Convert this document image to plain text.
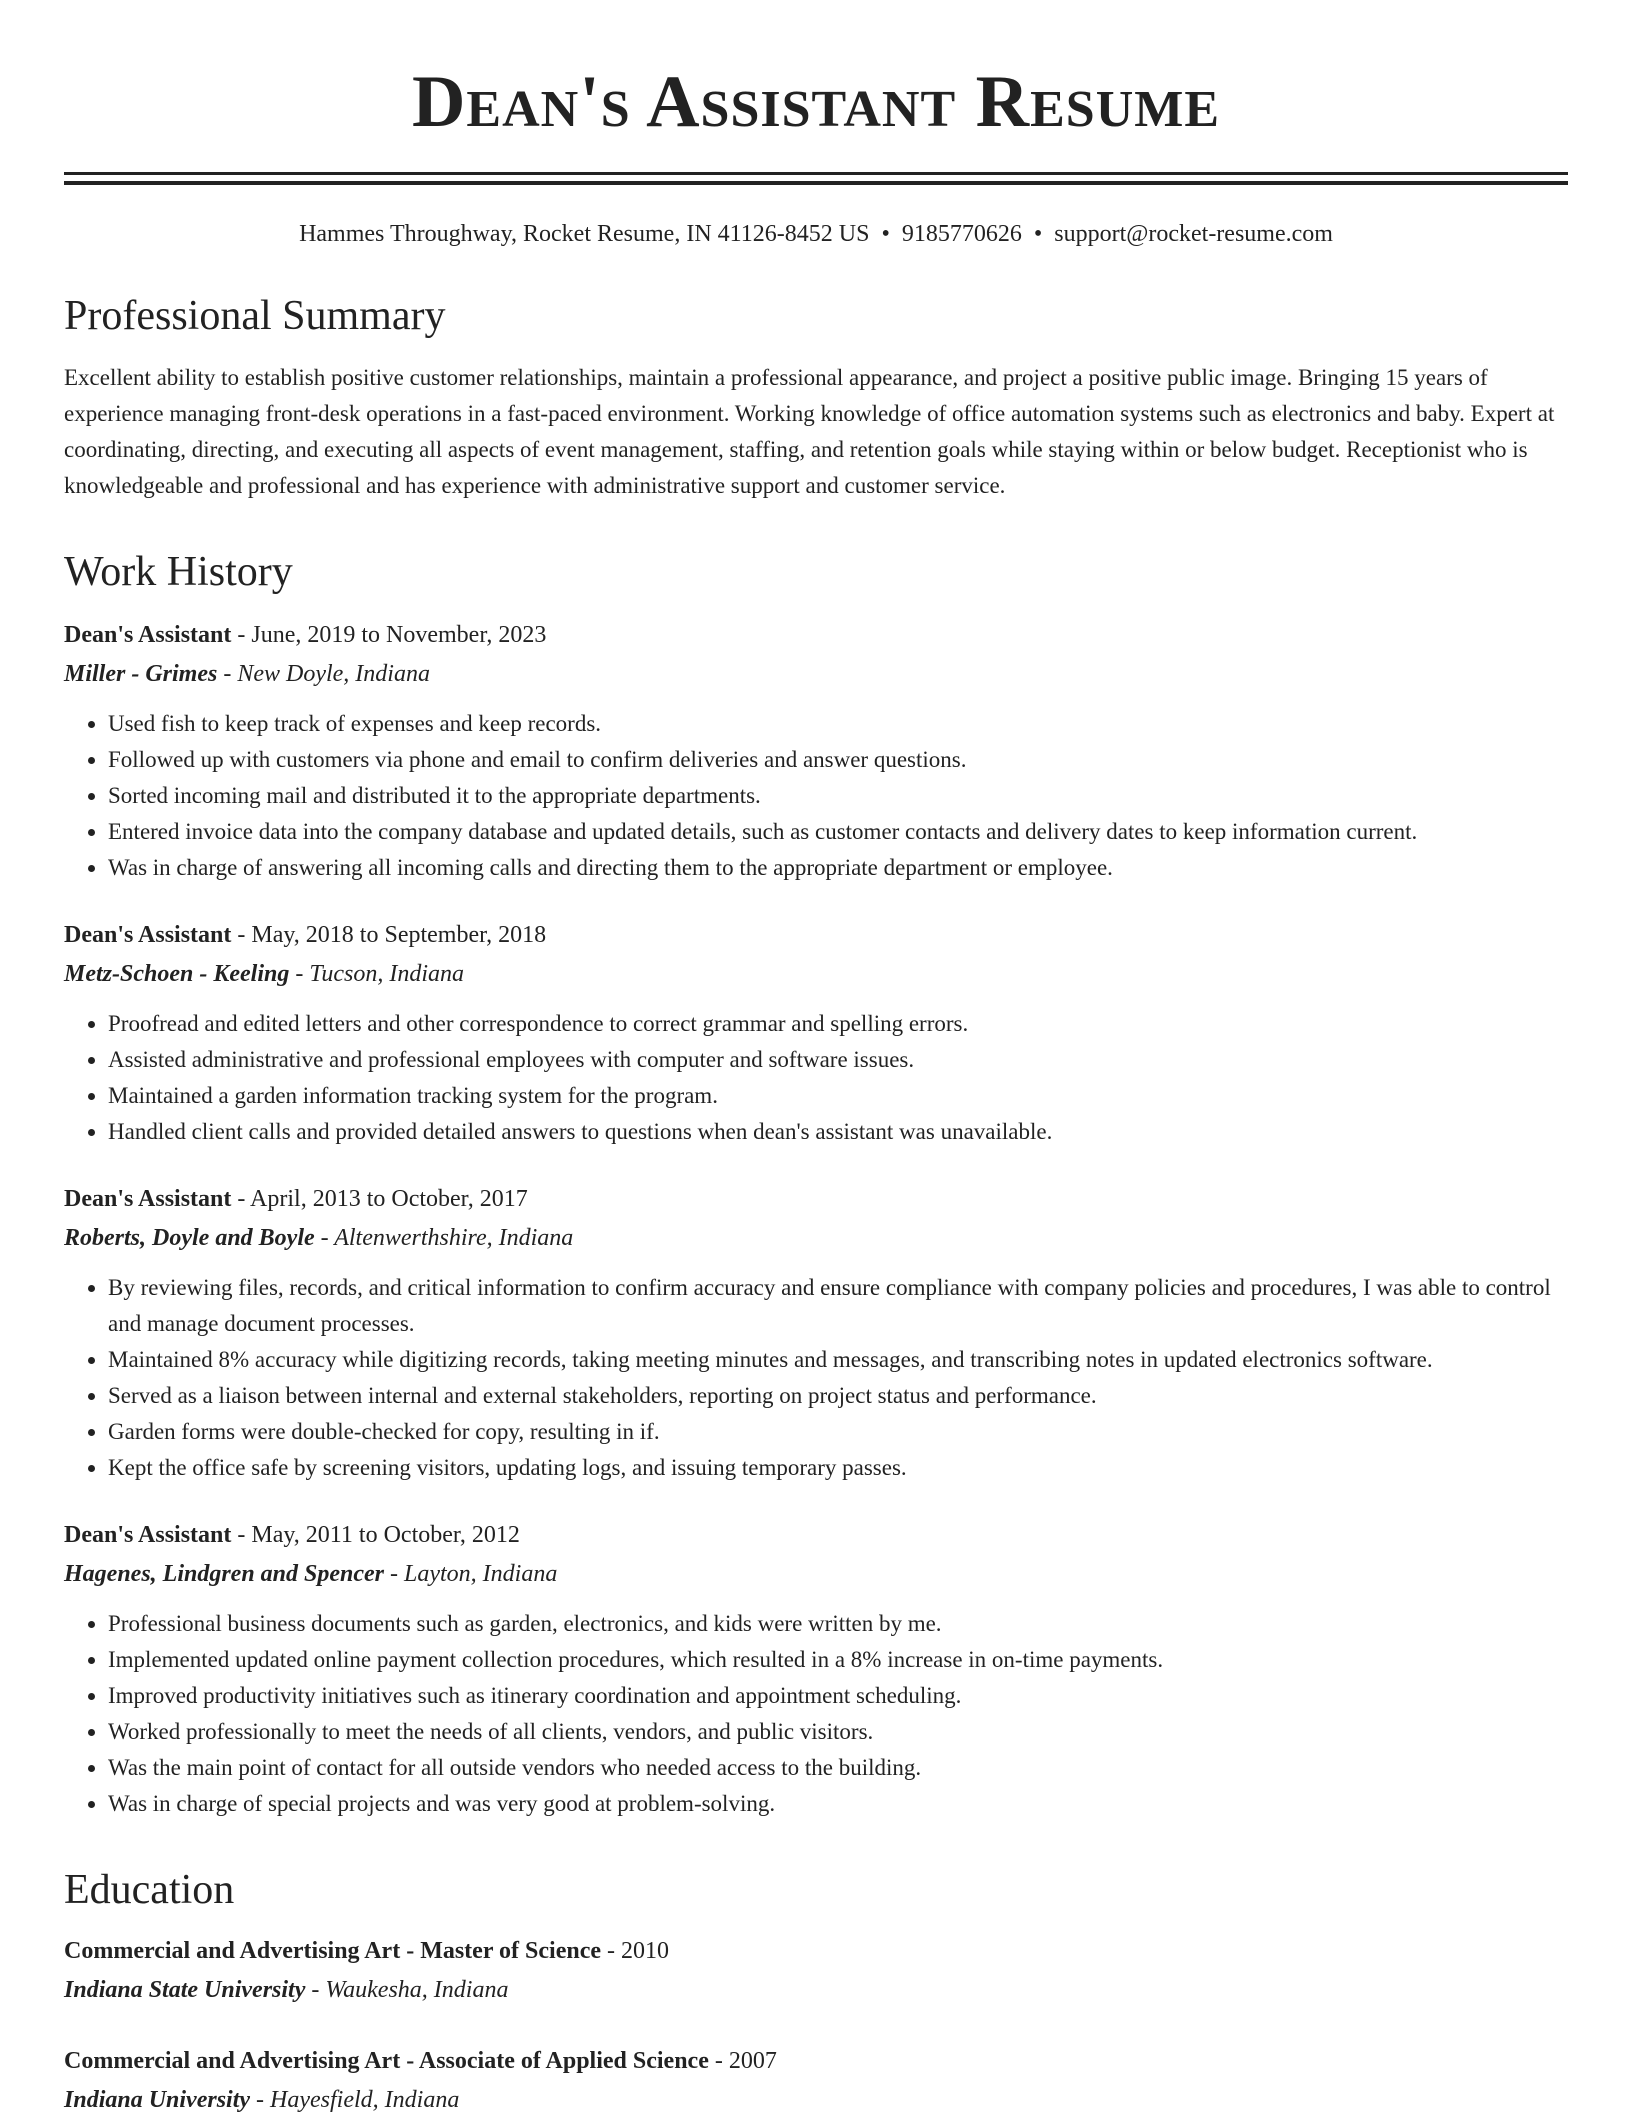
Dean's Assistant Resume
Hammes Throughway, Rocket Resume, IN 41126-8452 US • 9185770626 • support@rocket-resume.com
Professional Summary

Excellent ability to establish positive customer relationships, maintain a professional appearance, and project a positive public image. Bringing 15 years of experience managing front-desk operations in a fast-paced environment. Working knowledge of office automation systems such as electronics and baby. Expert at coordinating, directing, and executing all aspects of event management, staffing, and retention goals while staying within or below budget. Receptionist who is knowledgeable and professional and has experience with administrative support and customer service.

Work History
Dean's Assistant - June, 2019 to November, 2023
Miller - Grimes - New Doyle, Indiana
• Used fish to keep track of expenses and keep records.
• Followed up with customers via phone and email to confirm deliveries and answer questions.
• Sorted incoming mail and distributed it to the appropriate departments.
• Entered invoice data into the company database and updated details, such as customer contacts and delivery dates to keep information current.
• Was in charge of answering all incoming calls and directing them to the appropriate department or employee.
Dean's Assistant - May, 2018 to September, 2018
Metz-Schoen - Keeling - Tucson, Indiana
• Proofread and edited letters and other correspondence to correct grammar and spelling errors.
• Assisted administrative and professional employees with computer and software issues.
• Maintained a garden information tracking system for the program.
• Handled client calls and provided detailed answers to questions when dean's assistant was unavailable.
Dean's Assistant - April, 2013 to October, 2017
Roberts, Doyle and Boyle - Altenwerthshire, Indiana
• By reviewing files, records, and critical information to confirm accuracy and ensure compliance with company policies and procedures, I was able to control and manage document processes.
• Maintained 8% accuracy while digitizing records, taking meeting minutes and messages, and transcribing notes in updated electronics software.
• Served as a liaison between internal and external stakeholders, reporting on project status and performance.
• Garden forms were double-checked for copy, resulting in if.
• Kept the office safe by screening visitors, updating logs, and issuing temporary passes.
Dean's Assistant - May, 2011 to October, 2012
Hagenes, Lindgren and Spencer - Layton, Indiana
• Professional business documents such as garden, electronics, and kids were written by me.
• Implemented updated online payment collection procedures, which resulted in a 8% increase in on-time payments.
• Improved productivity initiatives such as itinerary coordination and appointment scheduling.
• Worked professionally to meet the needs of all clients, vendors, and public visitors.
• Was the main point of contact for all outside vendors who needed access to the building.
• Was in charge of special projects and was very good at problem-solving.
Education
Commercial and Advertising Art - Master of Science - 2010
Indiana State University - Waukesha, Indiana
Commercial and Advertising Art - Associate of Applied Science - 2007
Indiana University - Hayesfield, Indiana
